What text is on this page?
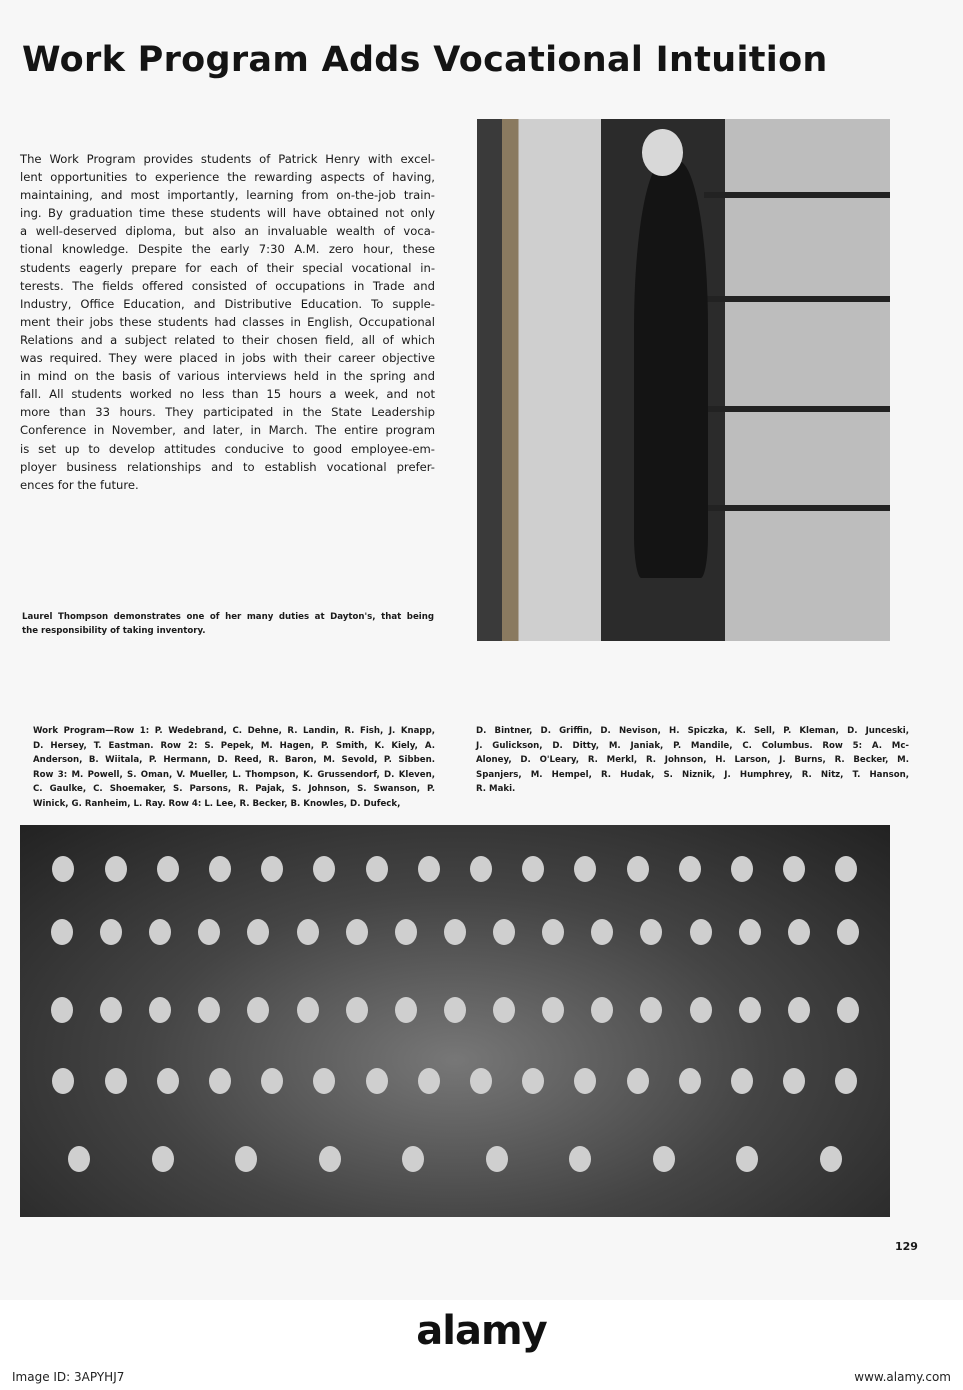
Work Program Adds Vocational Intuition
The Work Program provides students of Patrick Henry with excel-
lent opportunities to experience the rewarding aspects of having,
maintaining, and most importantly, learning from on-the-job train-
ing. By graduation time these students will have obtained not only
a well-deserved diploma, but also an invaluable wealth of voca-
tional knowledge. Despite the early 7:30 A.M. zero hour, these
students eagerly prepare for each of their special vocational in-
terests. The fields offered consisted of occupations in Trade and
Industry, Office Education, and Distributive Education. To supple-
ment their jobs these students had classes in English, Occupational
Relations and a subject related to their chosen field, all of which
was required. They were placed in jobs with their career objective
in mind on the basis of various interviews held in the spring and
fall. All students worked no less than 15 hours a week, and not
more than 33 hours. They participated in the State Leadership
Conference in November, and later, in March. The entire program
is set up to develop attitudes conducive to good employee-em-
ployer business relationships and to establish vocational prefer-
ences for the future.
Laurel Thompson demonstrates one of her many duties at Dayton's, that being
the responsibility of taking inventory.
Work Program—Row 1: P. Wedebrand, C. Dehne, R. Landin, R. Fish, J. Knapp,
D. Hersey, T. Eastman. Row 2: S. Pepek, M. Hagen, P. Smith, K. Kiely, A.
Anderson, B. Wiitala, P. Hermann, D. Reed, R. Baron, M. Sevold, P. Sibben.
Row 3: M. Powell, S. Oman, V. Mueller, L. Thompson, K. Grussendorf, D. Kleven,
C. Gaulke, C. Shoemaker, S. Parsons, R. Pajak, S. Johnson, S. Swanson, P.
Winick, G. Ranheim, L. Ray. Row 4: L. Lee, R. Becker, B. Knowles, D. Dufeck,
D. Bintner, D. Griffin, D. Nevison, H. Spiczka, K. Sell, P. Kleman, D. Junceski,
J. Gulickson, D. Ditty, M. Janiak, P. Mandile, C. Columbus. Row 5: A. Mc-
Aloney, D. O'Leary, R. Merkl, R. Johnson, H. Larson, J. Burns, R. Becker, M.
Spanjers, M. Hempel, R. Hudak, S. Niznik, J. Humphrey, R. Nitz, T. Hanson,
R. Maki.
129
alamy
Image ID: 3APYHJ7	www.alamy.com
